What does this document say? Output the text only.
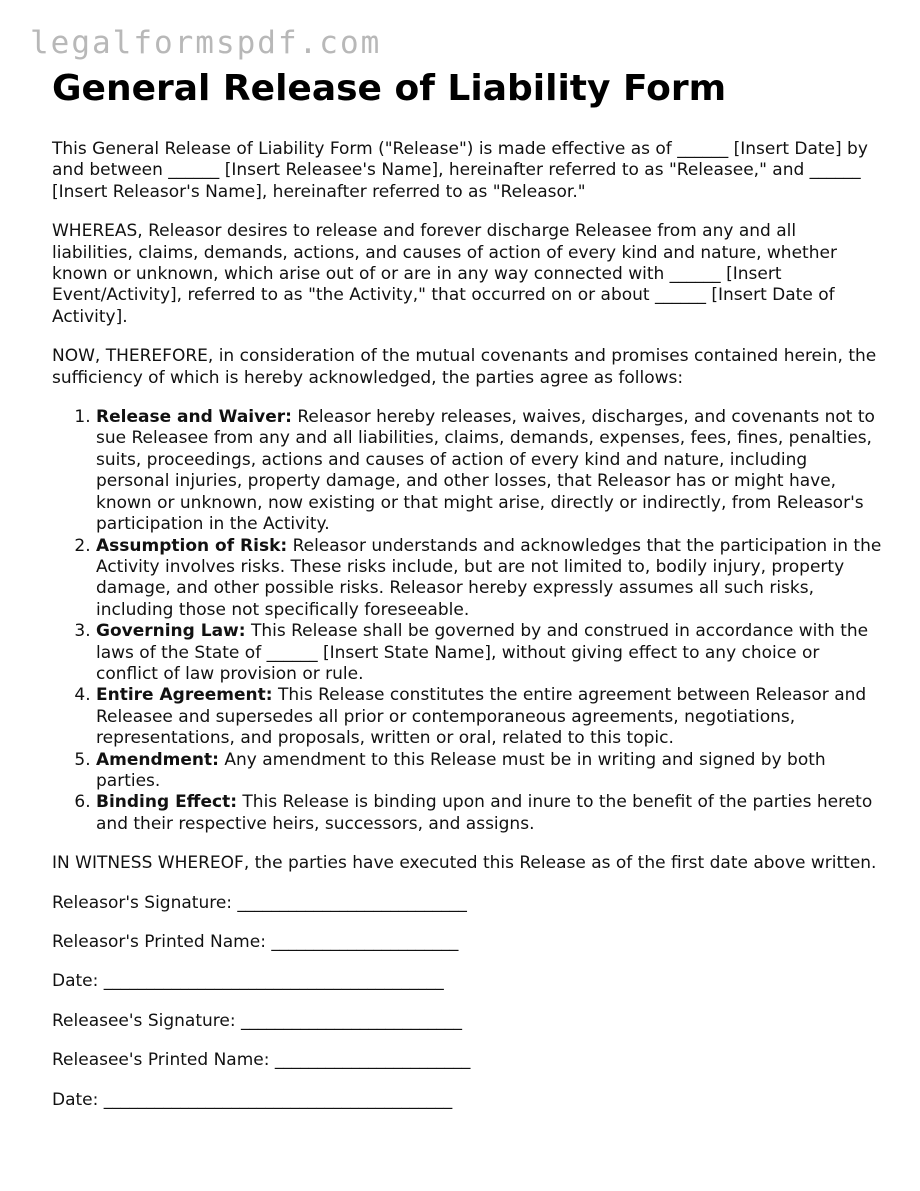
legalformspdf.com
General Release of Liability Form

This General Release of Liability Form ("Release") is made effective as of ______ [Insert Date] by and between ______ [Insert Releasee's Name], hereinafter referred to as "Releasee," and ______ [Insert Releasor's Name], hereinafter referred to as "Releasor."

WHEREAS, Releasor desires to release and forever discharge Releasee from any and all liabilities, claims, demands, actions, and causes of action of every kind and nature, whether known or unknown, which arise out of or are in any way connected with ______ [Insert Event/Activity], referred to as "the Activity," that occurred on or about ______ [Insert Date of Activity].

NOW, THEREFORE, in consideration of the mutual covenants and promises contained herein, the sufficiency of which is hereby acknowledged, the parties agree as follows:

1. Release and Waiver: Releasor hereby releases, waives, discharges, and covenants not to sue Releasee from any and all liabilities, claims, demands, expenses, fees, fines, penalties, suits, proceedings, actions and causes of action of every kind and nature, including personal injuries, property damage, and other losses, that Releasor has or might have, known or unknown, now existing or that might arise, directly or indirectly, from Releasor's participation in the Activity.
2. Assumption of Risk: Releasor understands and acknowledges that the participation in the Activity involves risks. These risks include, but are not limited to, bodily injury, property damage, and other possible risks. Releasor hereby expressly assumes all such risks, including those not specifically foreseeable.
3. Governing Law: This Release shall be governed by and construed in accordance with the laws of the State of ______ [Insert State Name], without giving effect to any choice or conflict of law provision or rule.
4. Entire Agreement: This Release constitutes the entire agreement between Releasor and Releasee and supersedes all prior or contemporaneous agreements, negotiations, representations, and proposals, written or oral, related to this topic.
5. Amendment: Any amendment to this Release must be in writing and signed by both parties.
6. Binding Effect: This Release is binding upon and inure to the benefit of the parties hereto and their respective heirs, successors, and assigns.

IN WITNESS WHEREOF, the parties have executed this Release as of the first date above written.

Releasor's Signature: ___________________________
Releasor's Printed Name: ______________________
Date: ________________________________________
Releasee's Signature: __________________________
Releasee's Printed Name: _______________________
Date: _________________________________________
